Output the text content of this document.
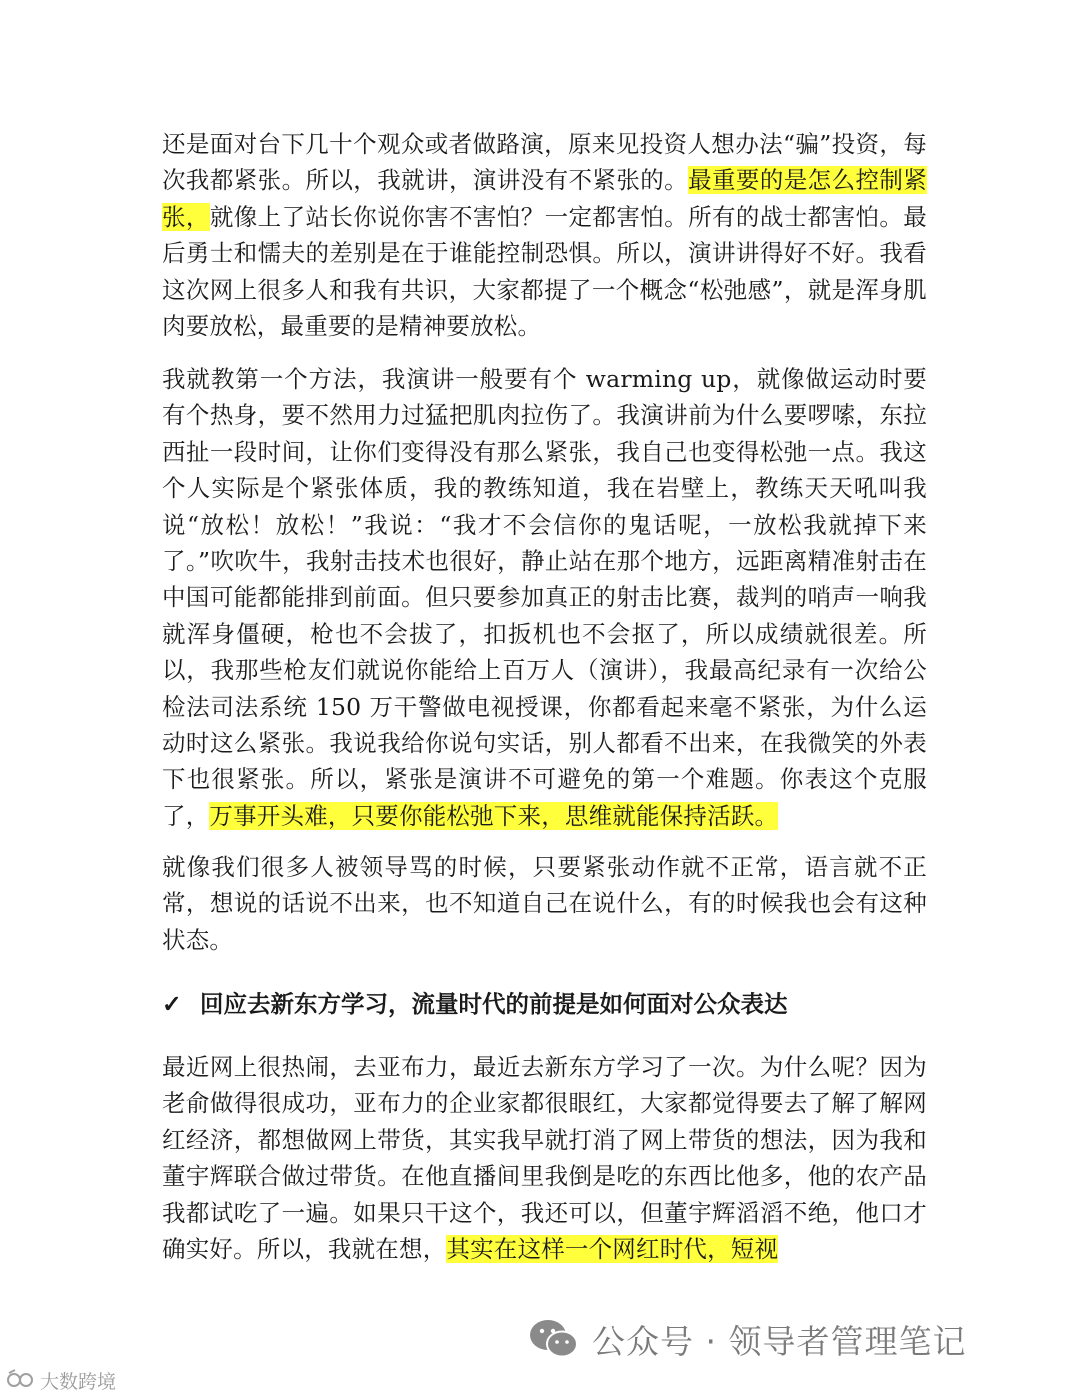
还是面对台下几十个观众或者做路演，原来见投资人想办法“骗”投资，每次我都紧张。所以，我就讲，演讲没有不紧张的。最重要的是怎么控制紧张，就像上了站长你说你害不害怕？一定都害怕。所有的战士都害怕。最后勇士和懦夫的差别是在于谁能控制恐惧。所以，演讲讲得好不好。我看这次网上很多人和我有共识，大家都提了一个概念“松弛感”，就是浑身肌肉要放松，最重要的是精神要放松。

我就教第一个方法，我演讲一般要有个 warming up，就像做运动时要有个热身，要不然用力过猛把肌肉拉伤了。我演讲前为什么要啰嗦，东拉西扯一段时间，让你们变得没有那么紧张，我自己也变得松弛一点。我这个人实际是个紧张体质，我的教练知道，我在岩壁上，教练天天吼叫我说“放松！放松！”我说：“我才不会信你的鬼话呢，一放松我就掉下来了。”吹吹牛，我射击技术也很好，静止站在那个地方，远距离精准射击在中国可能都能排到前面。但只要参加真正的射击比赛，裁判的哨声一响我就浑身僵硬，枪也不会拔了，扣扳机也不会抠了，所以成绩就很差。所以，我那些枪友们就说你能给上百万人（演讲），我最高纪录有一次给公检法司法系统 150 万干警做电视授课，你都看起来毫不紧张，为什么运动时这么紧张。我说我给你说句实话，别人都看不出来，在我微笑的外表下也很紧张。所以，紧张是演讲不可避免的第一个难题。你表这个克服了，万事开头难，只要你能松弛下来，思维就能保持活跃。

就像我们很多人被领导骂的时候，只要紧张动作就不正常，语言就不正常，想说的话说不出来，也不知道自己在说什么，有的时候我也会有这种状态。

✓ 回应去新东方学习，流量时代的前提是如何面对公众表达

最近网上很热闹，去亚布力，最近去新东方学习了一次。为什么呢？因为老俞做得很成功，亚布力的企业家都很眼红，大家都觉得要去了解了解网红经济，都想做网上带货，其实我早就打消了网上带货的想法，因为我和董宇辉联合做过带货。在他直播间里我倒是吃的东西比他多，他的农产品我都试吃了一遍。如果只干这个，我还可以，但董宇辉滔滔不绝，他口才确实好。所以，我就在想，其实在这样一个网红时代，短视

公众号 · 领导者管理笔记
大数跨境
